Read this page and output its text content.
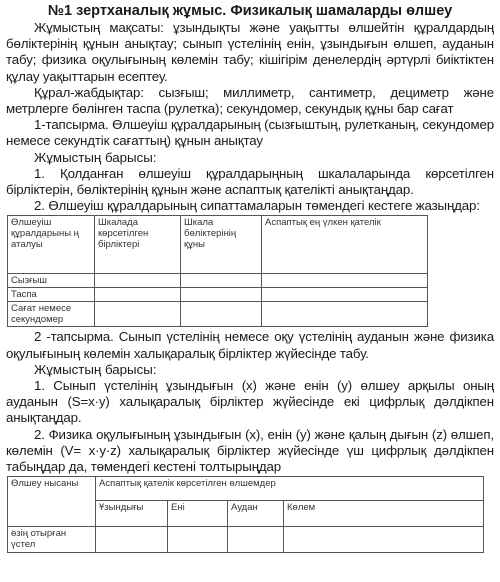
№1 зертханалық жұмыс. Физикалық шамаларды өлшеу

Жұмыстың мақсаты: ұзындықты және уақытты өлшейтін құралдардың бөліктерінің құнын анықтау; сынып үстелінің енін, ұзындығын өлшеп, ауданын табу; физика оқулығының көлемін табу; кішігірім денелердің әртүрлі биіктіктен құлау уақыттарын есептеу.

Құрал-жабдықтар: сызғыш; миллиметр, сантиметр, дециметр және метрлерге бөлінген таспа (рулетка); секундомер, секундық құны бар сағат

1-тапсырма. Өлшеуіш құралдарының (сызғыштың, рулетканың, секундомер немесе секундтік сағаттың) құнын анықтау

Жұмыстың барысы:

1. Қолданған өлшеуіш құралдарыңның шкалаларында көрсетілген бірліктерін, бөліктерінің құнын және аспаптық қателікті анықтаңдар.

2. Өлшеуіш құралдарының сипаттамаларын төмендегі кестеге жазыңдар:

Өлшеуіш құралдарыны ң аталуы	Шкалада көрсетілген бірліктері	Шкала бөліктерінің құны	Аспаптық ең үлкен қателік
Сызғыш			
Таспа			
Сағат немесе секундомер			

2 -тапсырма. Сынып үстелінің немесе оқу үстелінің ауданын және физика оқулығының көлемін халықаралық бірліктер жүйесінде табу.

Жұмыстың барысы:

1. Сынып үстелінің ұзындығын (x) және енін (y) өлшеу арқылы оның ауданын (S=x·y) халықаралық бірліктер жүйесінде екі цифрлық дәлдікпен анықтаңдар.

2. Физика оқулығының ұзындығын (x), енін (y) және қалың дығын (z) өлшеп, көлемін (V= x·y·z) халықаралық бірліктер жүйесінде үш цифрлық дәлдікпен табыңдар да, төмендегі кестені толтырыңдар

Өлшеу нысаны	Аспаптық қателік көрсетілген өлшемдер			
	Ұзындығы	Ені	Аудан	Көлем
өзің отырған үстел				
